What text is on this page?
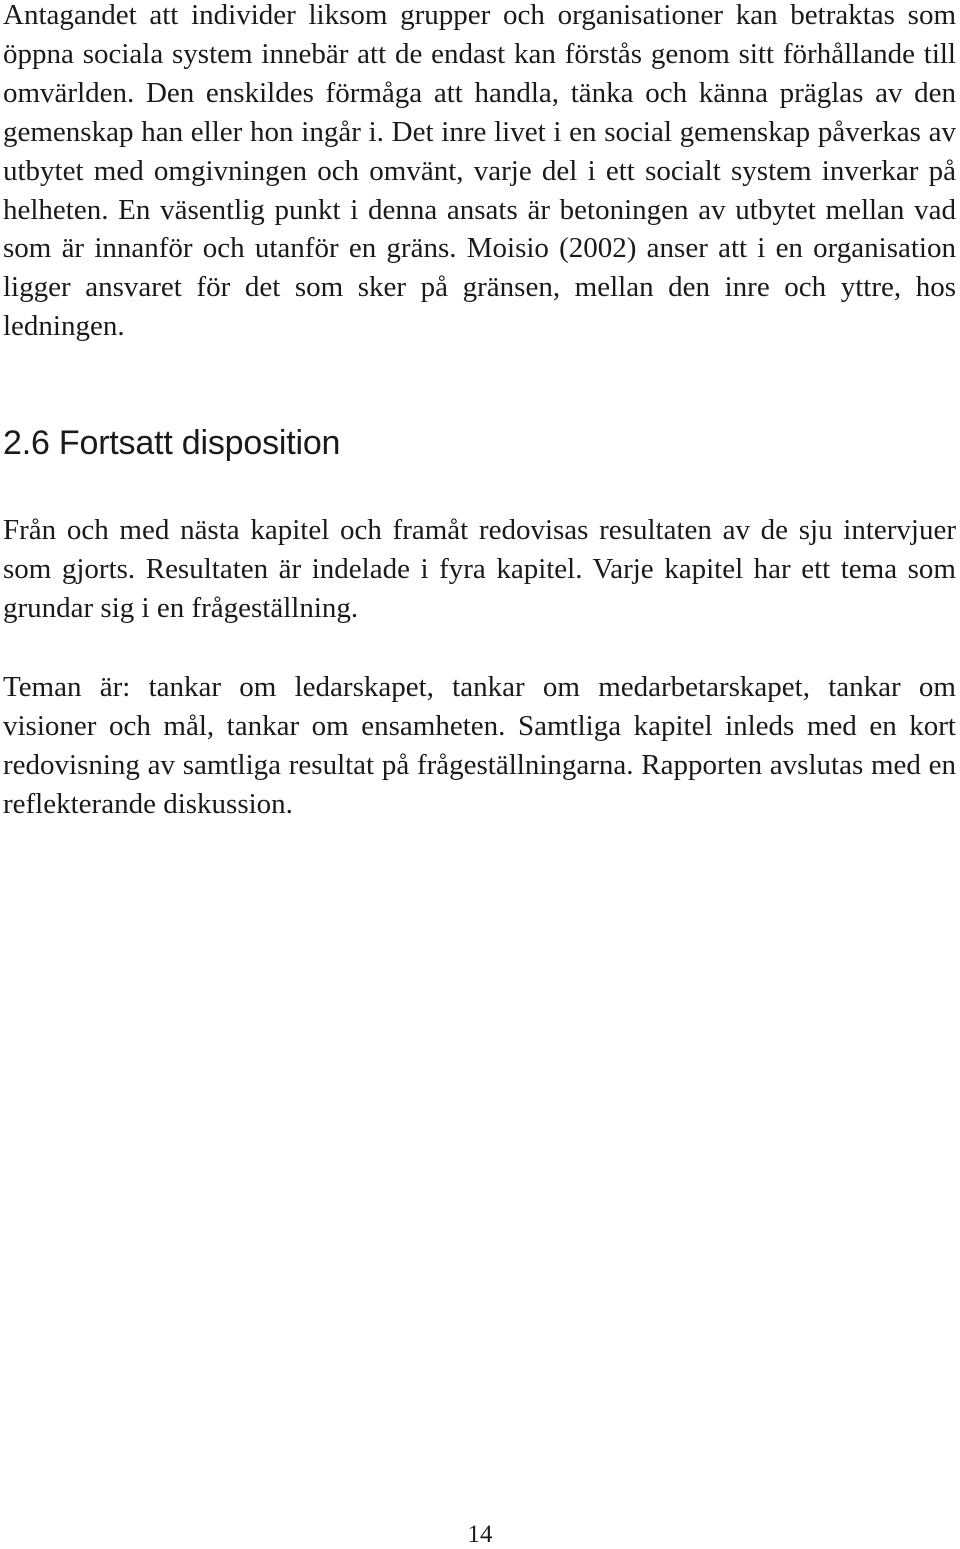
Antagandet att individer liksom grupper och organisationer kan betraktas som öppna sociala system innebär att de endast kan förstås genom sitt förhållande till omvärlden. Den enskildes förmåga att handla, tänka och känna präglas av den gemenskap han eller hon ingår i. Det inre livet i en social gemenskap påverkas av utbytet med omgivningen och omvänt, varje del i ett socialt system inverkar på helheten. En väsentlig punkt i denna ansats är betoningen av utbytet mellan vad som är innanför och utanför en gräns. Moisio (2002) anser att i en organisation ligger ansvaret för det som sker på gränsen, mellan den inre och yttre, hos ledningen.

2.6 Fortsatt disposition

Från och med nästa kapitel och framåt redovisas resultaten av de sju intervjuer som gjorts. Resultaten är indelade i fyra kapitel. Varje kapitel har ett tema som grundar sig i en frågeställning.

Teman är: tankar om ledarskapet, tankar om medarbetarskapet, tankar om visioner och mål, tankar om ensamheten. Samtliga kapitel inleds med en kort redovisning av samtliga resultat på frågeställningarna. Rapporten avslutas med en reflekterande diskussion.

14
